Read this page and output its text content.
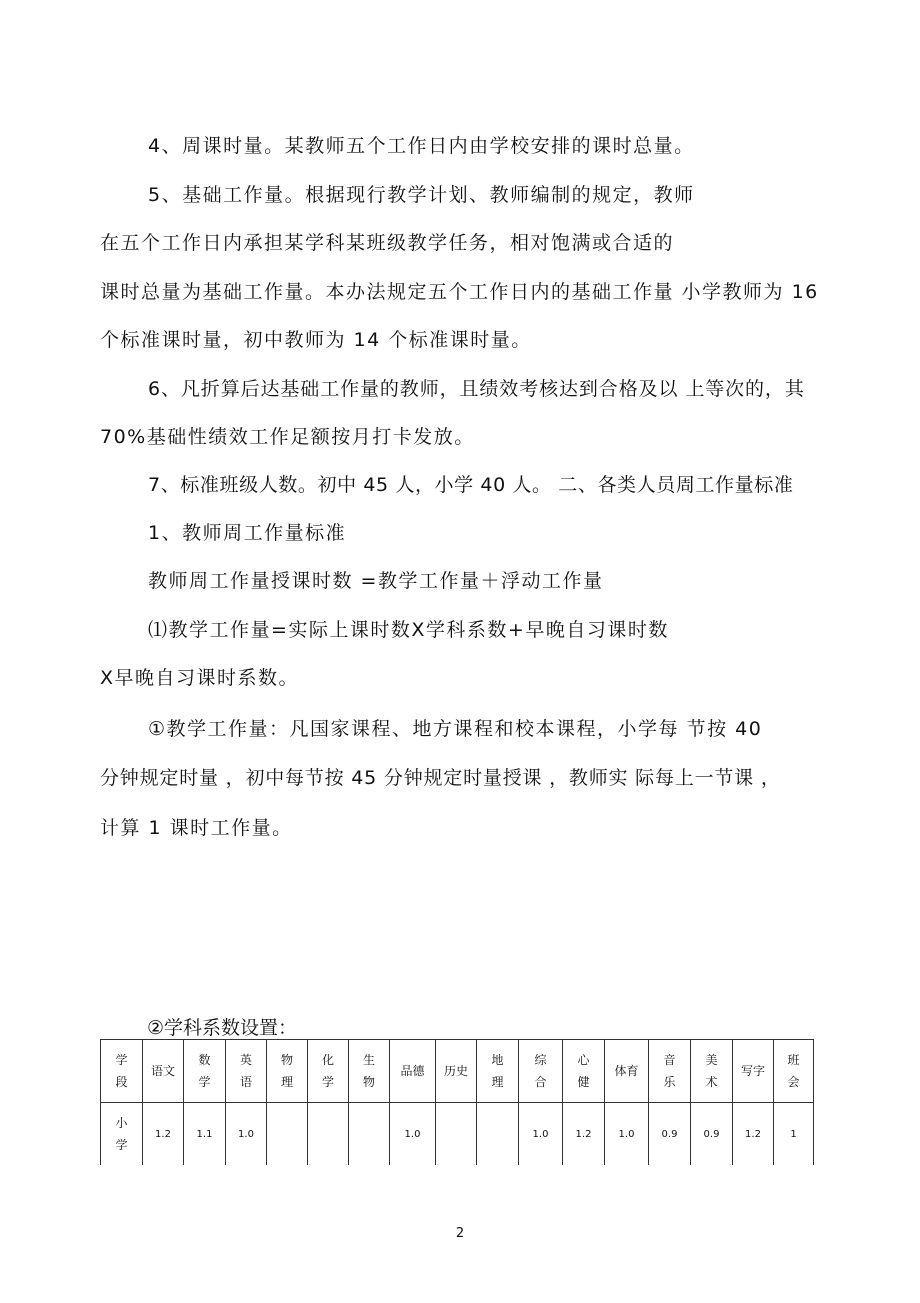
4、周课时量。某教师五个工作日内由学校安排的课时总量。

5、基础工作量。根据现行教学计划、教师编制的规定，教师

在五个工作日内承担某学科某班级教学任务，相对饱满或合适的

课时总量为基础工作量。本办法规定五个工作日内的基础工作量 小学教师为 16

个标准课时量，初中教师为 14 个标准课时量。

6、凡折算后达基础工作量的教师，且绩效考核达到合格及以 上等次的，其

70%基础性绩效工作足额按月打卡发放。

7、标准班级人数。初中 45 人，小学 40 人。 二、各类人员周工作量标准

1、教师周工作量标准

教师周工作量授课时数 =教学工作量＋浮动工作量

⑴教学工作量=实际上课时数X学科系数+早晚自习课时数

X早晚自习课时系数。

①教学工作量：凡国家课程、地方课程和校本课程，小学每 节按 40

分钟规定时量 ，初中每节按 45 分钟规定时量授课 ，教师实 际每上一节课 ，

计算 1 课时工作量。

②学科系数设置：

学段	语文	数学	英语	物理	化学	生物	品德	历史	地理	综合	心健	体育	音乐	美术	写字	班会
小学	1.2	1.1	1.0				1.0			1.0	1.2	1.0	0.9	0.9	1.2	1

2
